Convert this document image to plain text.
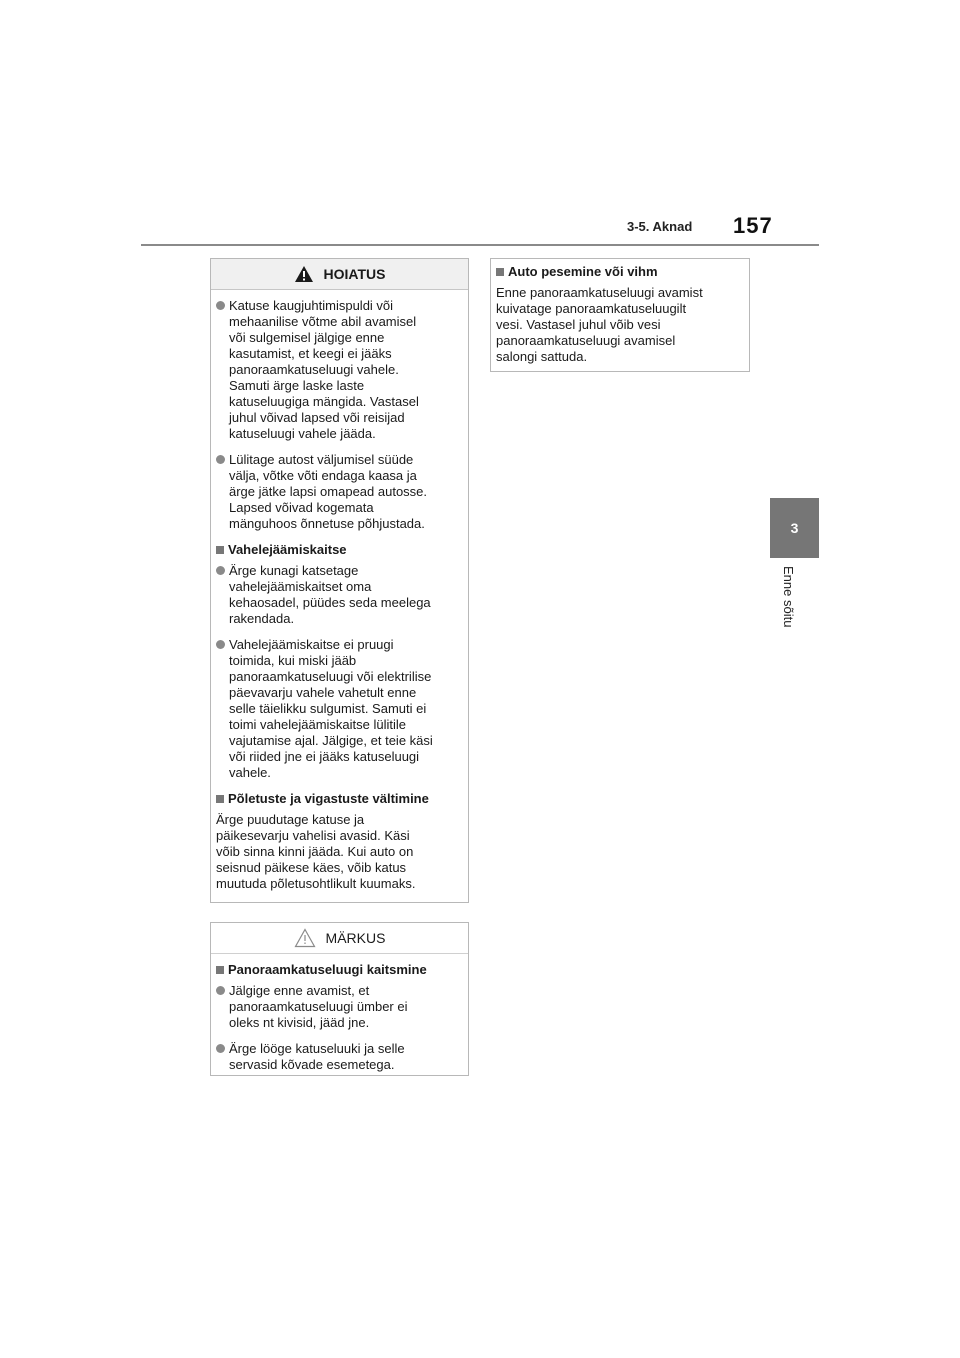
3-5. Aknad 157
3
Enne sõitu
HOIATUS
Katuse kaugjuhtimispuldi või
mehaanilise võtme abil avamisel
või sulgemisel jälgige enne
kasutamist, et keegi ei jääks
panoraamkatuseluugi vahele.
Samuti ärge laske laste
katuseluugiga mängida. Vastasel
juhul võivad lapsed või reisijad
katuseluugi vahele jääda.
Lülitage autost väljumisel süüde
välja, võtke võti endaga kaasa ja
ärge jätke lapsi omapead autosse.
Lapsed võivad kogemata
mänguhoos õnnetuse põhjustada.
Vahelejäämiskaitse
Ärge kunagi katsetage
vahelejäämiskaitset oma
kehaosadel, püüdes seda meelega
rakendada.
Vahelejäämiskaitse ei pruugi
toimida, kui miski jääb
panoraamkatuseluugi või elektrilise
päevavarju vahele vahetult enne
selle täielikku sulgumist. Samuti ei
toimi vahelejäämiskaitse lülitile
vajutamise ajal. Jälgige, et teie käsi
või riided jne ei jääks katuseluugi
vahele.
Põletuste ja vigastuste vältimine
Ärge puudutage katuse ja
päikesevarju vahelisi avasid. Käsi
võib sinna kinni jääda. Kui auto on
seisnud päikese käes, võib katus
muutuda põletusohtlikult kuumaks.
MÄRKUS
Panoraamkatuseluugi kaitsmine
Jälgige enne avamist, et
panoraamkatuseluugi ümber ei
oleks nt kivisid, jääd jne.
Ärge lööge katuseluuki ja selle
servasid kõvade esemetega.
Auto pesemine või vihm
Enne panoraamkatuseluugi avamist
kuivatage panoraamkatuseluugilt
vesi. Vastasel juhul võib vesi
panoraamkatuseluugi avamisel
salongi sattuda.
